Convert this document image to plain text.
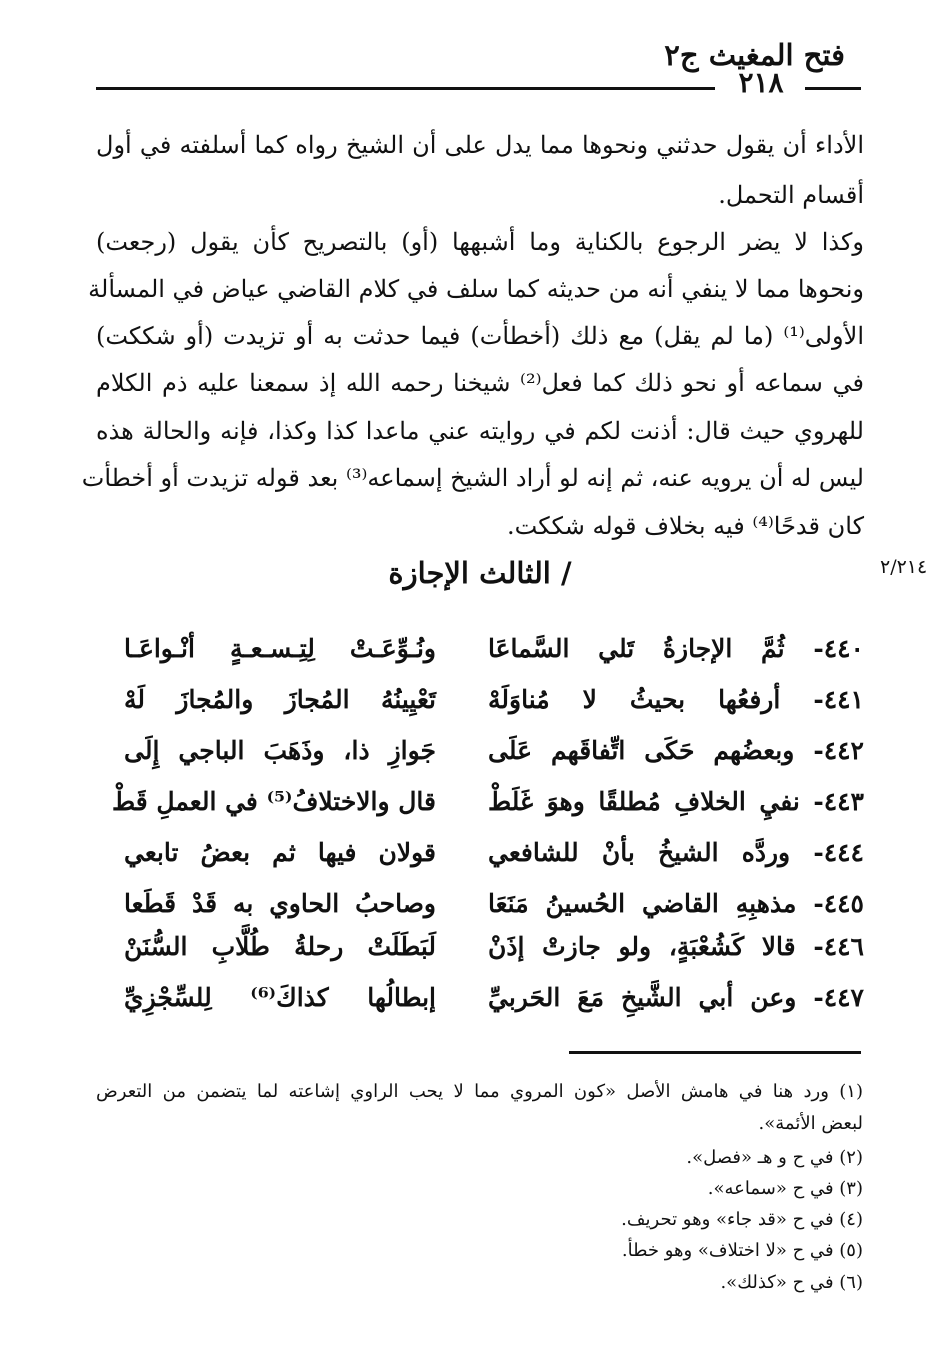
فتح المغيث ج٢
٢١٨
الأداء أن يقول حدثني ونحوها مما يدل على أن الشيخ رواه كما أسلفته في أول
أقسام التحمل.
وكذا لا يضر الرجوع بالكناية وما أشبهها (أو) بالتصريح كأن يقول (رجعت)
ونحوها مما لا ينفي أنه من حديثه كما سلف في كلام القاضي عياض في المسألة
الأولى⁽¹⁾ (ما لم يقل) مع ذلك (أخطأت) فيما حدثت به أو تزيدت (أو شككت)
في سماعه أو نحو ذلك كما فعل⁽²⁾ شيخنا رحمه الله إذ سمعنا عليه ذم الكلام
للهروي حيث قال: أذنت لكم في روايته عني ماعدا كذا وكذا، فإنه والحالة هذه
ليس له أن يرويه عنه، ثم إنه لو أراد الشيخ إسماعه⁽³⁾ بعد قوله تزيدت أو أخطأت
كان قدحًا⁽⁴⁾ فيه بخلاف قوله شككت.
٢/٢١٤
/ الثالث الإجازة
٤٤٠- ثُمَّ الإجازةُ تَلي السَّماعَا
ونُـوِّعَـتْ لِتِـسـعـةٍ أنْـواعَـا
٤٤١- أرفعُها بحيثُ لا مُناوَلَهْ
تَعْيِينُهُ المُجازَ والمُجازَ لَهْ
٤٤٢- وبعضُهم حَكَى اتِّفاقَهم عَلَى
جَوازِ ذا، وذَهَبَ الباجي إِلَى
٤٤٣- نفيِ الخلافِ مُطلقًا وهوَ غَلَطْ
قال والاختلافُ⁽⁵⁾ في العملِ قَطْ
٤٤٤- وردَّه الشيخُ بأنْ للشافعي
قولان فيها ثم بعضُ تابعي
٤٤٥- مذهبِهِ القاضي الحُسينُ مَنَعَا
وصاحبُ الحاوي به قَدْ قَطَعا
٤٤٦- قالا كَشُعْبَةٍ، ولو جازتْ إذَنْ
لَبَطَلَتْ رحلةُ طُلَّابِ السُّنَنْ
٤٤٧- وعن أبي الشَّيخِ مَعَ الحَربيِّ
إبطالُها كذاكَ⁽⁶⁾ لِلسِّجْزِيِّ
(١) ورد هنا في هامش الأصل «كون المروي مما لا يحب الراوي إشاعته لما يتضمن من التعرض
لبعض الأئمة».
(٢) في ح و هـ «فصل».
(٣) في ح «سماعه».
(٤) في ح «قد جاء» وهو تحريف.
(٥) في ح «لا اختلاف» وهو خطأ.
(٦) في ح «كذلك».
